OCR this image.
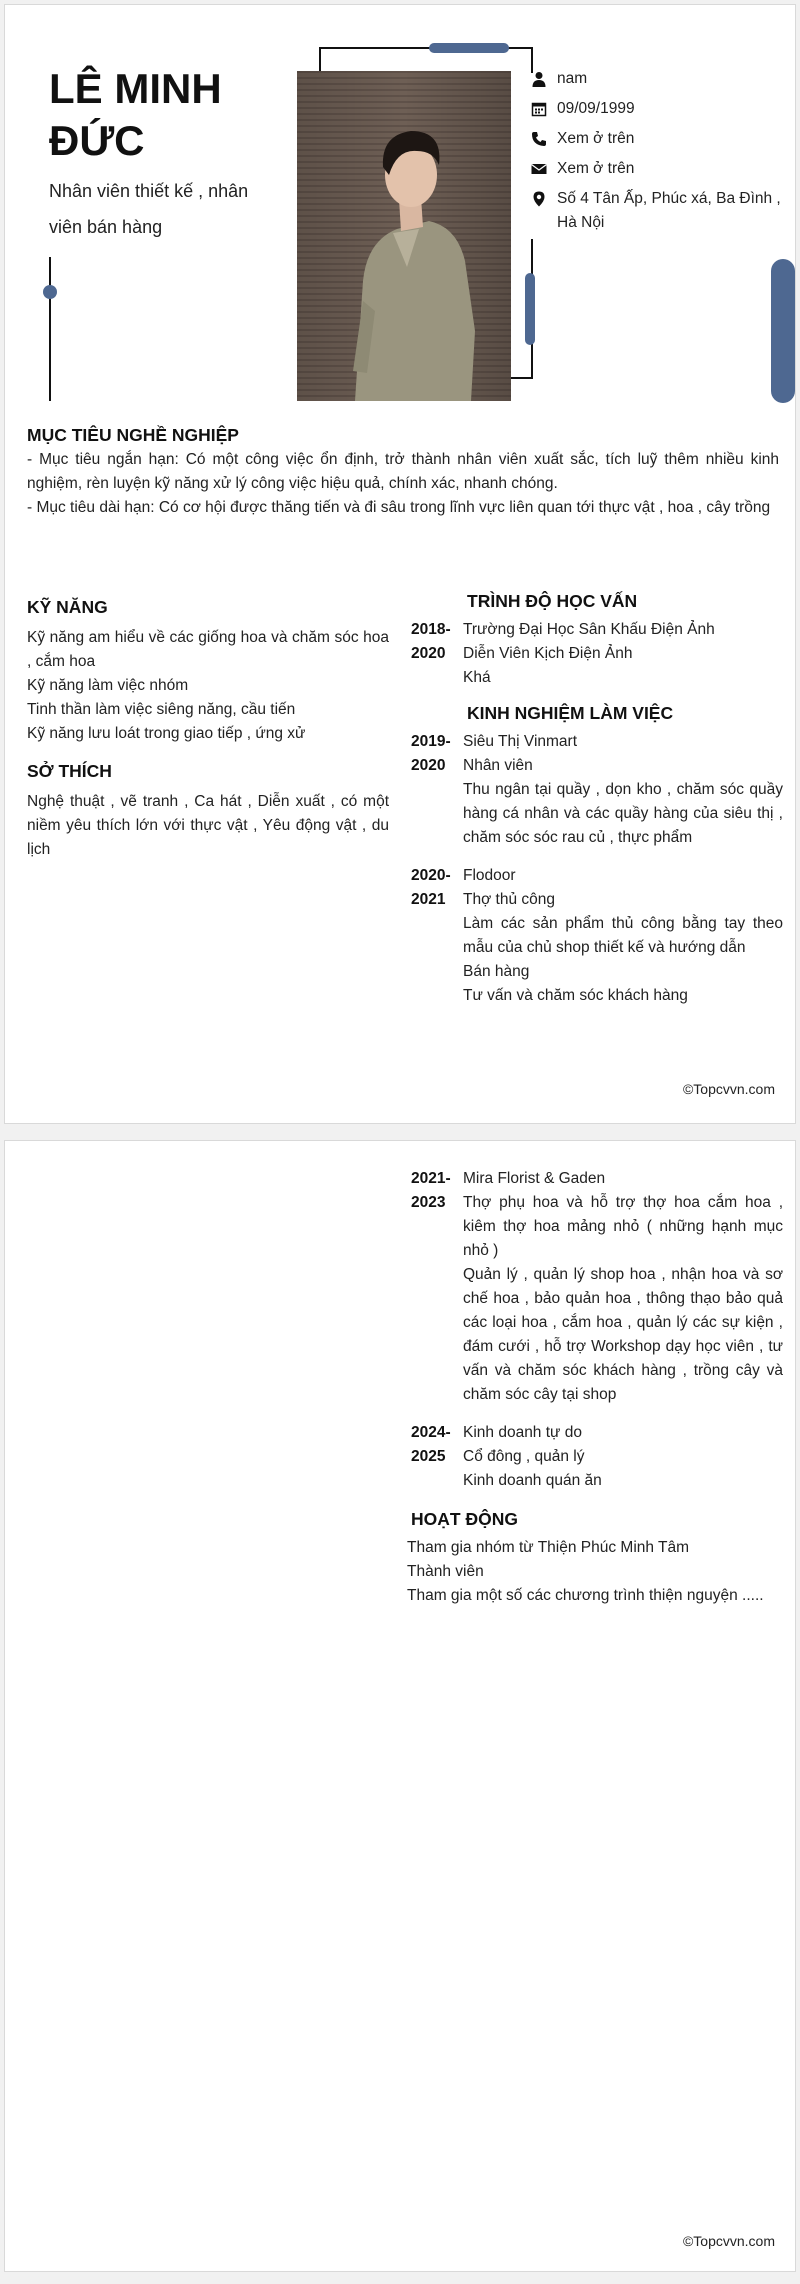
LÊ MINH ĐỨC
Nhân viên thiết kế , nhân viên bán hàng
nam
09/09/1999
Xem ở trên
Xem ở trên
Số 4 Tân Ấp, Phúc xá, Ba Đình , Hà Nội
MỤC TIÊU NGHỀ NGHIỆP
- Mục tiêu ngắn hạn: Có một công việc ổn định, trở thành nhân viên xuất sắc, tích luỹ thêm nhiều kinh nghiệm, rèn luyện kỹ năng xử lý công việc hiệu quả, chính xác, nhanh chóng.
- Mục tiêu dài hạn: Có cơ hội được thăng tiến và đi sâu trong lĩnh vực liên quan tới thực vật , hoa , cây trồng
KỸ NĂNG
Kỹ năng am hiểu về các giống hoa và chăm sóc hoa , cắm hoa
Kỹ năng làm việc nhóm
Tinh thần làm việc siêng năng, cầu tiến
Kỹ năng lưu loát trong giao tiếp , ứng xử
SỞ THÍCH
Nghệ thuật , vẽ tranh , Ca hát , Diễn xuất , có một niềm yêu thích lớn với thực vật , Yêu động vật , du lịch
TRÌNH ĐỘ HỌC VẤN
2018-
2020
Trường Đại Học Sân Khấu Điện Ảnh
Diễn Viên Kịch Điện Ảnh
Khá
KINH NGHIỆM LÀM VIỆC
2019-
2020
Siêu Thị Vinmart
Nhân viên
Thu ngân tại quầy , dọn kho , chăm sóc quầy hàng cá nhân và các quầy hàng của siêu thị , chăm sóc sóc rau củ , thực phẩm
2020-
2021
Flodoor
Thợ thủ công
Làm các sản phẩm thủ công bằng tay theo mẫu của chủ shop thiết kế và hướng dẫn
Bán hàng
Tư vấn và chăm sóc khách hàng
©Topcvvn.com
2021-
2023
Mira Florist & Gaden
Thợ phụ hoa và hỗ trợ thợ hoa cắm hoa , kiêm thợ hoa mảng nhỏ ( những hạnh mục nhỏ )
Quản lý , quản lý shop hoa , nhận hoa và sơ chế hoa , bảo quản hoa , thông thạo bảo quả các loại hoa , cắm hoa , quản lý các sự kiện , đám cưới , hỗ trợ Workshop dạy học viên , tư vấn và chăm sóc khách hàng , trồng cây và chăm sóc cây tại shop
2024-
2025
Kinh doanh tự do
Cổ đông , quản lý
Kinh doanh quán ăn
HOẠT ĐỘNG
Tham gia nhóm từ Thiện Phúc Minh Tâm
Thành viên
Tham gia một số các chương trình thiện nguyện .....
©Topcvvn.com
